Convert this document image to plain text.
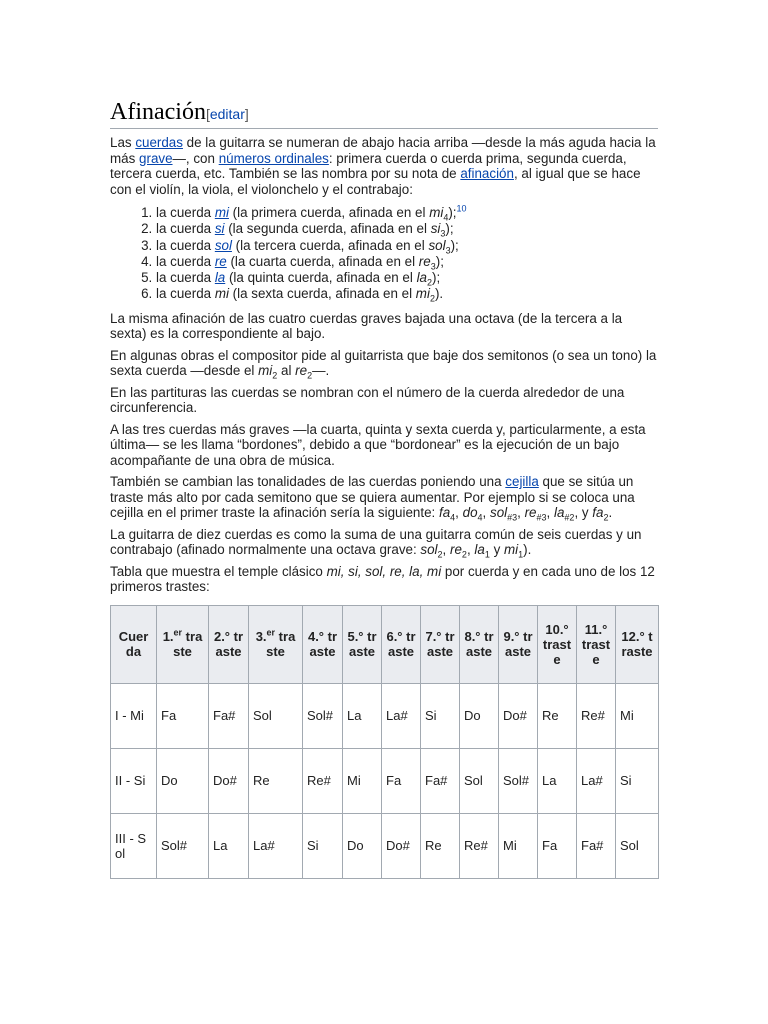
Afinación[editar]

Las cuerdas de la guitarra se numeran de abajo hacia arriba —desde la más aguda hacia la más grave—, con números ordinales: primera cuerda o cuerda prima, segunda cuerda, tercera cuerda, etc. También se las nombra por su nota de afinación, al igual que se hace con el violín, la viola, el violonchelo y el contrabajo:

1. la cuerda mi (la primera cuerda, afinada en el $mi_4);^{10}$
2. la cuerda si (la segunda cuerda, afinada en el $si_3$);
3. la cuerda sol (la tercera cuerda, afinada en el sol$_3$);
4. la cuerda re (la cuarta cuerda, afinada en el $re_3$);
5. la cuerda la (la quinta cuerda, afinada en el $la_2$);
6. la cuerda mi (la sexta cuerda, afinada en el $mi_2$).

La misma afinación de las cuatro cuerdas graves bajada una octava (de la tercera a la sexta) es la correspondiente al bajo.

En algunas obras el compositor pide al guitarrista que baje dos semitonos (o sea un tono) la sexta cuerda —desde el $mi_2$ al $re_2—$.

En las partituras las cuerdas se nombran con el número de la cuerda alrededor de una circunferencia.

A las tres cuerdas más graves —la cuarta, quinta y sexta cuerda y, particularmente, a esta última— se les llama “bordones”, debido a que “bordonear” es la ejecución de un bajo acompañante de una obra de música.

También se cambian las tonalidades de las cuerdas poniendo una cejilla que se sitúa un traste más alto por cada semitono que se quiera aumentar. Por ejemplo si se coloca una cejilla en el primer traste la afinación sería la siguiente: $fa_4$, $do_4$, sol$_{\#3}$, $re_{\#3}$, $la_{\#2}$, y $fa_2$.

La guitarra de diez cuerdas es como la suma de una guitarra común de seis cuerdas y un contrabajo (afinado normalmente una octava grave: sol$_2$, $re_2$, $la_1$ y $mi_1$).

Tabla que muestra el temple clásico mi, si, sol, re, la, mi por cuerda y en cada uno de los 12 primeros trastes:

Cuerda	1.$^{er}$ traste	2.° traste	3.$^{er}$ traste	4.° traste	5.° traste	6.° traste	7.° traste	8.° traste	9.° traste	10.° traste	11.° traste	12.° traste
I - Mi	Fa	Fa#	Sol	Sol#	La	La#	Si	Do	Do#	Re	Re#	Mi
II - Si	Do	Do#	Re	Re#	Mi	Fa	Fa#	Sol	Sol#	La	La#	Si
III - Sol	Sol#	La	La#	Si	Do	Do#	Re	Re#	Mi	Fa	Fa#	Sol
